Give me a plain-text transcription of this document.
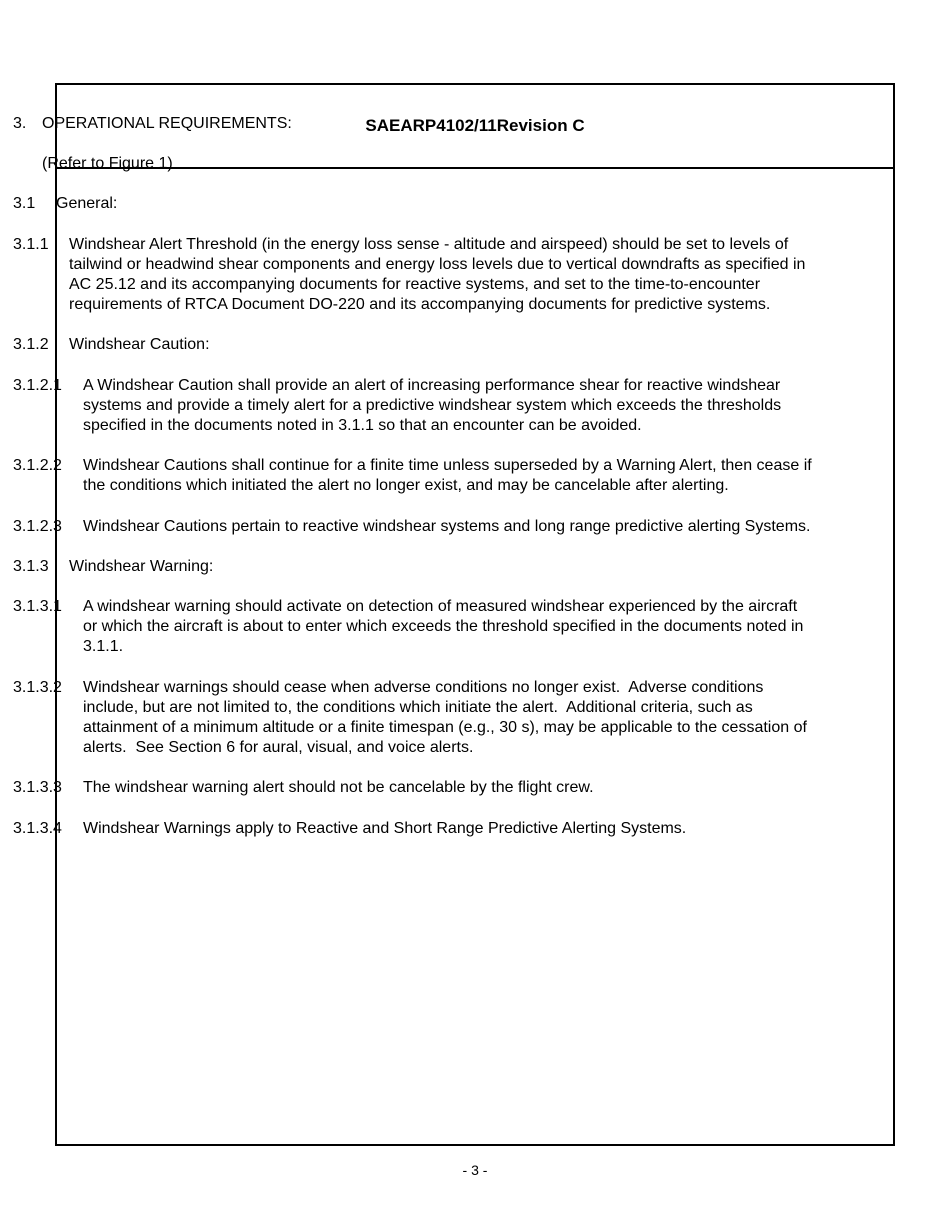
SAE ARP4102/11 Revision C
3. OPERATIONAL REQUIREMENTS:
(Refer to Figure 1)
3.1	General:
3.1.1	Windshear Alert Threshold (in the energy loss sense - altitude and airspeed) should be set to levels of tailwind or headwind shear components and energy loss levels due to vertical downdrafts as specified in AC 25.12 and its accompanying documents for reactive systems, and set to the time-to-encounter requirements of RTCA Document DO-220 and its accompanying documents for predictive systems.
3.1.2	Windshear Caution:
3.1.2.1	A Windshear Caution shall provide an alert of increasing performance shear for reactive windshear systems and provide a timely alert for a predictive windshear system which exceeds the thresholds specified in the documents noted in 3.1.1 so that an encounter can be avoided.
3.1.2.2	Windshear Cautions shall continue for a finite time unless superseded by a Warning Alert, then cease if the conditions which initiated the alert no longer exist, and may be cancelable after alerting.
3.1.2.3	Windshear Cautions pertain to reactive windshear systems and long range predictive alerting Systems.
3.1.3	Windshear Warning:
3.1.3.1	A windshear warning should activate on detection of measured windshear experienced by the aircraft or which the aircraft is about to enter which exceeds the threshold specified in the documents noted in 3.1.1.
3.1.3.2	Windshear warnings should cease when adverse conditions no longer exist.  Adverse conditions include, but are not limited to, the conditions which initiate the alert.  Additional criteria, such as attainment of a minimum altitude or a finite timespan (e.g., 30 s), may be applicable to the cessation of alerts.  See Section 6 for aural, visual, and voice alerts.
3.1.3.3	The windshear warning alert should not be cancelable by the flight crew.
3.1.3.4	Windshear Warnings apply to Reactive and Short Range Predictive Alerting Systems.
- 3 -
